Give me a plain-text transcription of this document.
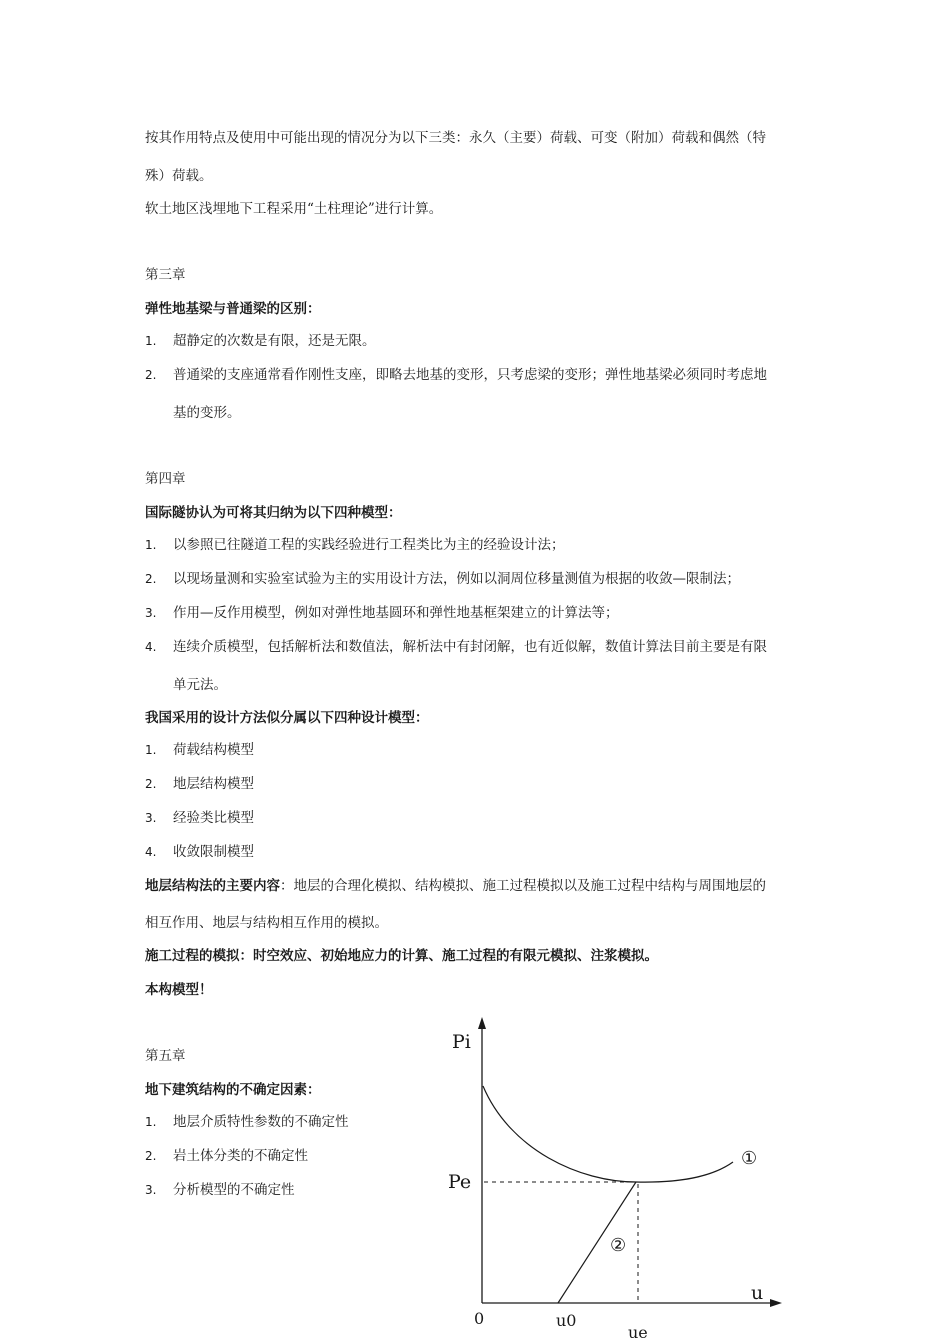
按其作用特点及使用中可能出现的情况分为以下三类：永久（主要）荷载、可变（附加）荷载和偶然（特

殊）荷载。

软土地区浅埋地下工程采用“土柱理论”进行计算。

第三章

弹性地基梁与普通梁的区别：

1. 超静定的次数是有限，还是无限。
2. 普通梁的支座通常看作刚性支座，即略去地基的变形，只考虑梁的变形；弹性地基梁必须同时考虑地
基的变形。

第四章

国际隧协认为可将其归纳为以下四种模型：

1. 以参照已往隧道工程的实践经验进行工程类比为主的经验设计法；
2. 以现场量测和实验室试验为主的实用设计方法，例如以洞周位移量测值为根据的收敛—限制法；
3. 作用—反作用模型，例如对弹性地基圆环和弹性地基框架建立的计算法等；
4. 连续介质模型，包括解析法和数值法，解析法中有封闭解，也有近似解，数值计算法目前主要是有限
单元法。

我国采用的设计方法似分属以下四种设计模型：

1. 荷载结构模型
2. 地层结构模型
3. 经验类比模型
4. 收敛限制模型

地层结构法的主要内容：地层的合理化模拟、结构模拟、施工过程模拟以及施工过程中结构与周围地层的

相互作用、地层与结构相互作用的模拟。

施工过程的模拟：时空效应、初始地应力的计算、施工过程的有限元模拟、注浆模拟。

本构模型！

第五章

地下建筑结构的不确定因素：

1. 地层介质特性参数的不确定性
2. 岩土体分类的不确定性
3. 分析模型的不确定性
Pi
Pe
u
0	u0
ue
①
②
